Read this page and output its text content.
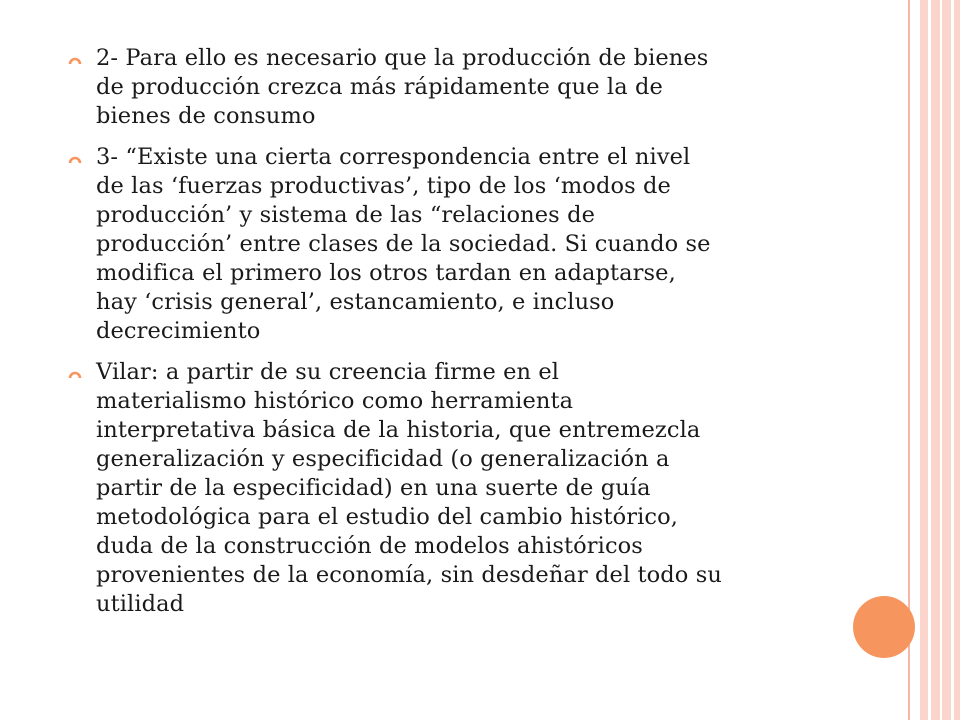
2- Para ello es necesario que la producción de bienes
de producción crezca más rápidamente que la de
bienes de consumo
3- “Existe una cierta correspondencia entre el nivel
de las ‘fuerzas productivas’, tipo de los ‘modos de
producción’ y sistema de las “relaciones de
producción’ entre clases de la sociedad. Si cuando se
modifica el primero los otros tardan en adaptarse,
hay ‘crisis general’, estancamiento, e incluso
decrecimiento
Vilar: a partir de su creencia firme en el
materialismo histórico como herramienta
interpretativa básica de la historia, que entremezcla
generalización y especificidad (o generalización a
partir de la especificidad) en una suerte de guía
metodológica para el estudio del cambio histórico,
duda de la construcción de modelos ahistóricos
provenientes de la economía, sin desdeñar del todo su
utilidad
